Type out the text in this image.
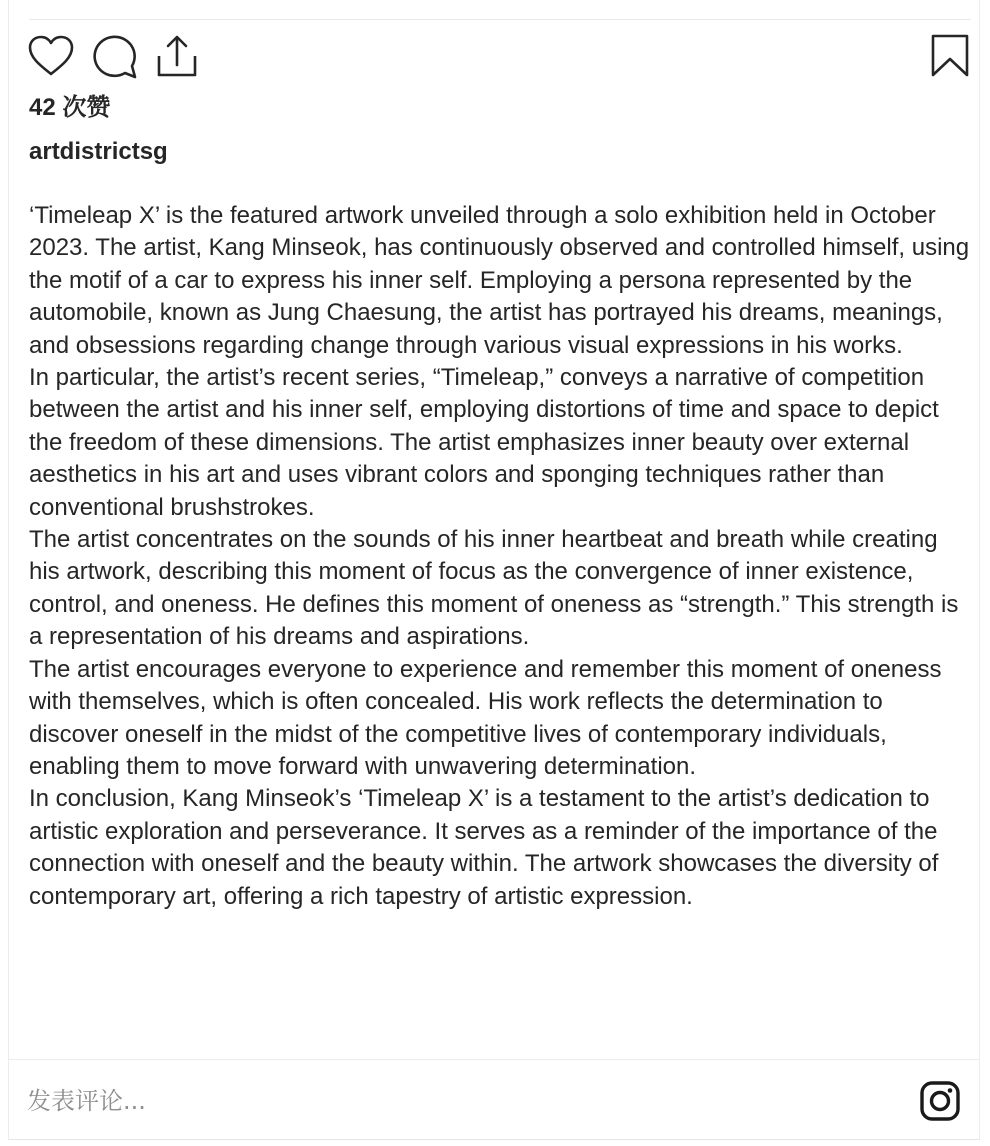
42 次赞
artdistrictsg

‘Timeleap X’ is the featured artwork unveiled through a solo exhibition held in October 2023. The artist, Kang Minseok, has continuously observed and controlled himself, using the motif of a car to express his inner self. Employing a persona represented by the automobile, known as Jung Chaesung, the artist has portrayed his dreams, meanings, and obsessions regarding change through various visual expressions in his works.

In particular, the artist’s recent series, “Timeleap,” conveys a narrative of competition between the artist and his inner self, employing distortions of time and space to depict the freedom of these dimensions. The artist emphasizes inner beauty over external aesthetics in his art and uses vibrant colors and sponging techniques rather than conventional brushstrokes.

The artist concentrates on the sounds of his inner heartbeat and breath while creating his artwork, describing this moment of focus as the convergence of inner existence, control, and oneness. He defines this moment of oneness as “strength.” This strength is a representation of his dreams and aspirations.

The artist encourages everyone to experience and remember this moment of oneness with themselves, which is often concealed. His work reflects the determination to discover oneself in the midst of the competitive lives of contemporary individuals, enabling them to move forward with unwavering determination.

In conclusion, Kang Minseok’s ‘Timeleap X’ is a testament to the artist’s dedication to artistic exploration and perseverance. It serves as a reminder of the importance of the connection with oneself and the beauty within. The artwork showcases the diversity of contemporary art, offering a rich tapestry of artistic expression.

发表评论...
